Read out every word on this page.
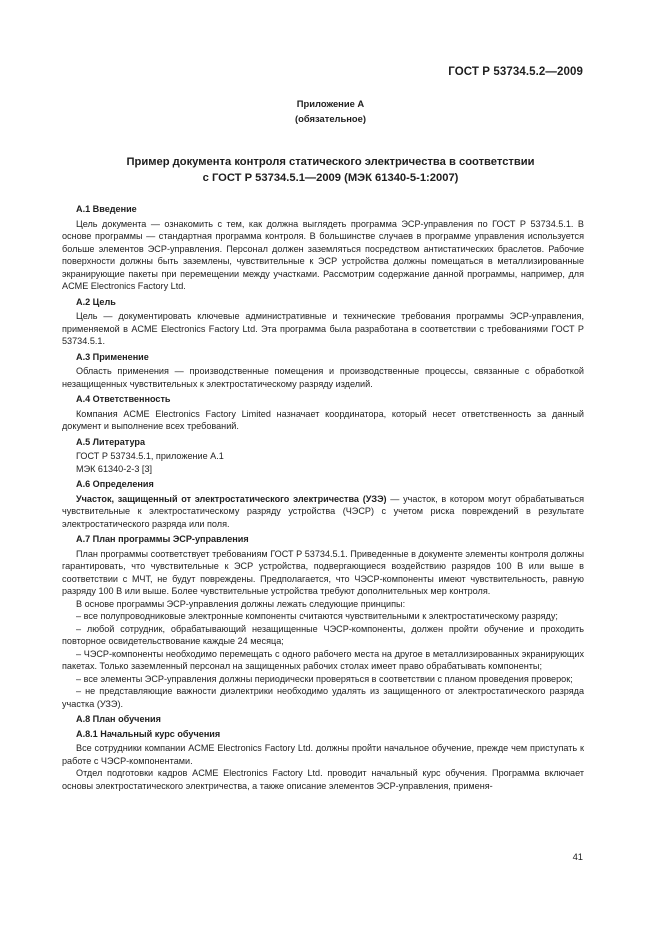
ГОСТ Р 53734.5.2—2009
Приложение А
(обязательное)
Пример документа контроля статического электричества в соответствии
с ГОСТ Р 53734.5.1—2009 (МЭК 61340-5-1:2007)
А.1 Введение

Цель документа — ознакомить с тем, как должна выглядеть программа ЭСР-управления по ГОСТ Р 53734.5.1. В основе программы — стандартная программа контроля. В большинстве случаев в программе управления используется больше элементов ЭСР-управления. Персонал должен заземляться посредством антистатических браслетов. Рабочие поверхности должны быть заземлены, чувствительные к ЭСР устройства должны помещаться в металлизированные экранирующие пакеты при перемещении между участками. Рассмотрим содержание данной программы, например, для ACME Electronics Factory Ltd.

А.2 Цель

Цель — документировать ключевые административные и технические требования программы ЭСР-управления, применяемой в ACME Electronics Factory Ltd. Эта программа была разработана в соответствии с требованиями ГОСТ Р 53734.5.1.

А.3 Применение

Область применения — производственные помещения и производственные процессы, связанные с обработкой незащищенных чувствительных к электростатическому разряду изделий.

А.4 Ответственность

Компания ACME Electronics Factory Limited назначает координатора, который несет ответственность за данный документ и выполнение всех требований.

А.5 Литература

ГОСТ Р 53734.5.1, приложение А.1

МЭК 61340-2-3 [3]

А.6 Определения

Участок, защищенный от электростатического электричества (УЗЭ) — участок, в котором могут обрабатываться чувствительные к электростатическому разряду устройства (ЧЭСР) с учетом риска повреждений в результате электростатического разряда или поля.

А.7 План программы ЭСР-управления

План программы соответствует требованиям ГОСТ Р 53734.5.1. Приведенные в документе элементы контроля должны гарантировать, что чувствительные к ЭСР устройства, подвергающиеся воздействию разрядов 100 В или выше в соответствии с МЧТ, не будут повреждены. Предполагается, что ЧЭСР-компоненты имеют чувствительность, равную разряду 100 В или выше. Более чувствительные устройства требуют дополнительных мер контроля.

В основе программы ЭСР-управления должны лежать следующие принципы:

– все полупроводниковые электронные компоненты считаются чувствительными к электростатическому разряду;

– любой сотрудник, обрабатывающий незащищенные ЧЭСР-компоненты, должен пройти обучение и проходить повторное освидетельствование каждые 24 месяца;

– ЧЭСР-компоненты необходимо перемещать с одного рабочего места на другое в металлизированных экранирующих пакетах. Только заземленный персонал на защищенных рабочих столах имеет право обрабатывать компоненты;

– все элементы ЭСР-управления должны периодически проверяться в соответствии с планом проведения проверок;

– не представляющие важности диэлектрики необходимо удалять из защищенного от электростатического разряда участка (УЗЭ).

А.8 План обучения
А.8.1 Начальный курс обучения

Все сотрудники компании ACME Electronics Factory Ltd. должны пройти начальное обучение, прежде чем приступать к работе с ЧЭСР-компонентами.

Отдел подготовки кадров ACME Electronics Factory Ltd. проводит начальный курс обучения. Программа включает основы электростатического электричества, а также описание элементов ЭСР-управления, применя-

41
